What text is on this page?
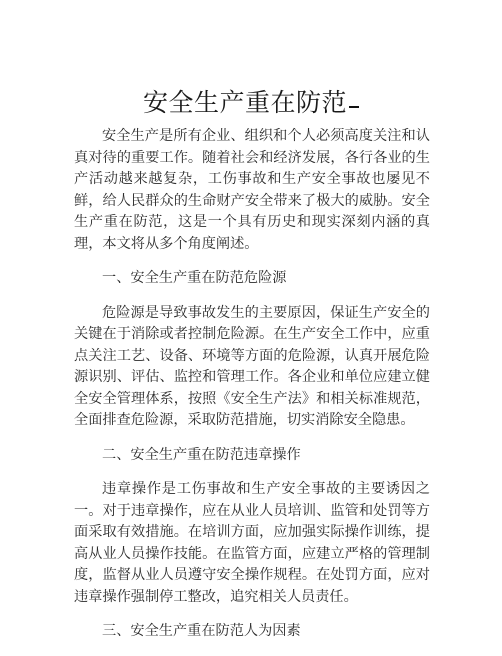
安全生产重在防范

安全生产是所有企业、组织和个人必须高度关注和认真对待的重要工作。随着社会和经济发展，各行各业的生产活动越来越复杂，工伤事故和生产安全事故也屡见不鲜，给人民群众的生命财产安全带来了极大的威胁。安全生产重在防范，这是一个具有历史和现实深刻内涵的真理，本文将从多个角度阐述。

一、安全生产重在防范危险源

危险源是导致事故发生的主要原因，保证生产安全的关键在于消除或者控制危险源。在生产安全工作中，应重点关注工艺、设备、环境等方面的危险源，认真开展危险源识别、评估、监控和管理工作。各企业和单位应建立健全安全管理体系，按照《安全生产法》和相关标准规范，全面排查危险源，采取防范措施，切实消除安全隐患。

二、安全生产重在防范违章操作

违章操作是工伤事故和生产安全事故的主要诱因之一。对于违章操作，应在从业人员培训、监管和处罚等方面采取有效措施。在培训方面，应加强实际操作训练，提高从业人员操作技能。在监管方面，应建立严格的管理制度，监督从业人员遵守安全操作规程。在处罚方面，应对违章操作强制停工整改，追究相关人员责任。

三、安全生产重在防范人为因素
